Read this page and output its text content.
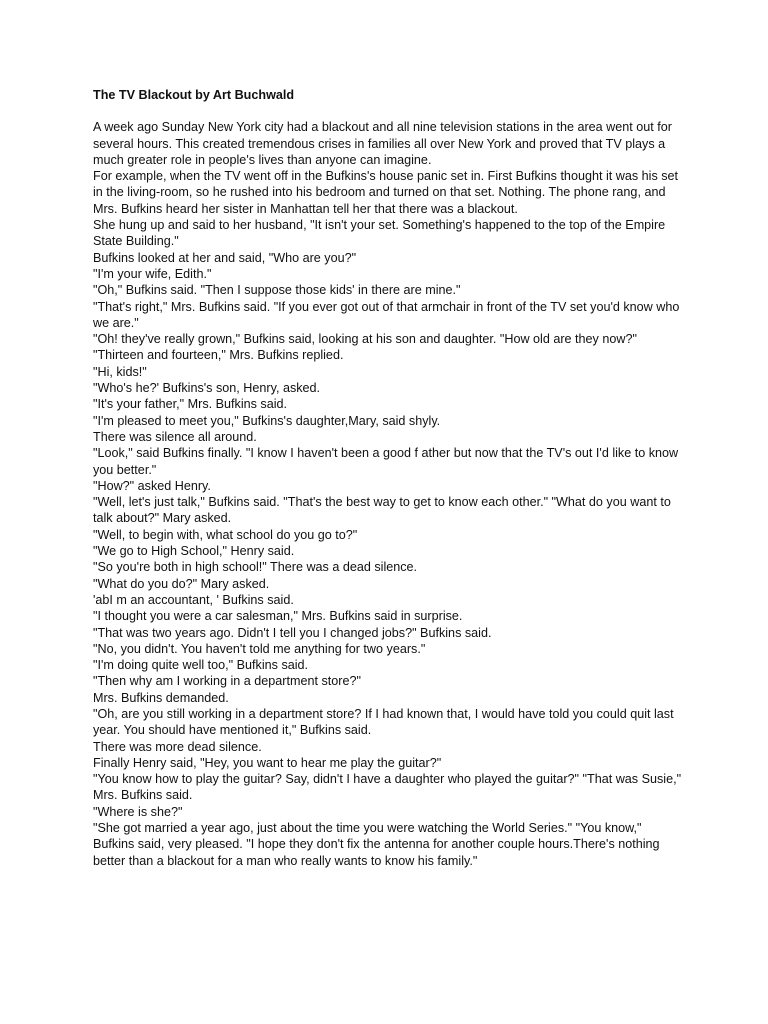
The TV Blackout by Art Buchwald

A week ago Sunday New York city had a blackout and all nine television stations in the area went out for several hours. This created tremendous crises in families all over New York and proved that TV plays a much greater role in people's lives than anyone can imagine.

For example, when the TV went off in the Bufkins's house panic set in. First Bufkins thought it was his set in the living-room, so he rushed into his bedroom and turned on that set. Nothing. The phone rang, and Mrs. Bufkins heard her sister in Manhattan tell her that there was a blackout.

She hung up and said to her husband, "It isn't your set. Something's happened to the top of the Empire State Building."

Bufkins looked at her and said, "Who are you?"

"I'm your wife, Edith."

"Oh," Bufkins said. "Then I suppose those kids' in there are mine."

"That's right," Mrs. Bufkins said. "If you ever got out of that armchair in front of the TV set you'd know who we are."

"Oh! they've really grown," Bufkins said, looking at his son and daughter. "How old are they now?"

"Thirteen and fourteen," Mrs. Bufkins replied.

"Hi, kids!"

"Who's he?' Bufkins's son, Henry, asked.

"It's your father," Mrs. Bufkins said.

"I'm pleased to meet you," Bufkins's daughter,Mary, said shyly.

There was silence all around.

"Look," said Bufkins finally. "I know I haven't been a good f ather but now that the TV's out I'd like to know you better."

"How?" asked Henry.

"Well, let's just talk," Bufkins said. "That's the best way to get to know each other." "What do you want to talk about?" Mary asked.

"Well, to begin with, what school do you go to?"

"We go to High School," Henry said.

"So you're both in high school!" There was a dead silence.

"What do you do?" Mary asked.

'abI m an accountant, ' Bufkins said.

"I thought you were a car salesman," Mrs. Bufkins said in surprise.

"That was two years ago. Didn't I tell you I changed jobs?" Bufkins said.

"No, you didn't. You haven't told me anything for two years."

"I'm doing quite well too," Bufkins said.

"Then why am I working in a department store?"

Mrs. Bufkins demanded.

"Oh, are you still working in a department store? If I had known that, I would have told you could quit last year. You should have mentioned it," Bufkins said.

There was more dead silence.

Finally Henry said, "Hey, you want to hear me play the guitar?"

"You know how to play the guitar? Say, didn't I have a daughter who played the guitar?" "That was Susie," Mrs. Bufkins said.

"Where is she?"

"She got married a year ago, just about the time you were watching the World Series." "You know," Bufkins said, very pleased. "I hope they don't fix the antenna for another couple hours.There's nothing better than a blackout for a man who really wants to know his family."
